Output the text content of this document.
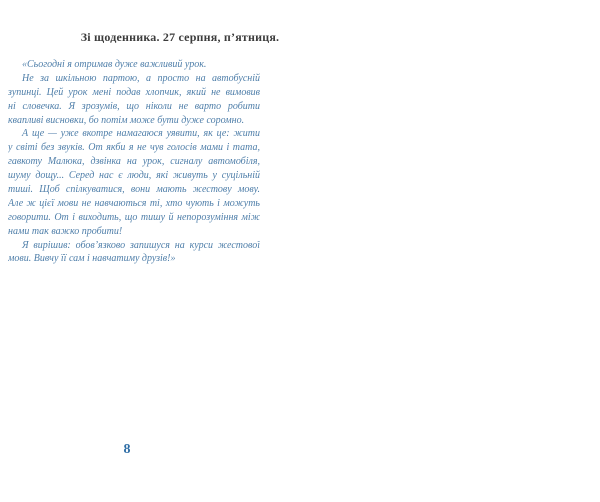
Зі щоденника. 27 серпня, п’ятниця.
«Сьогодні я отримав дуже важливий урок.
Не за шкільною партою, а просто на автобусній
зупинці. Цей урок мені подав хлопчик, який не вимовив
ні словечка. Я зрозумів, що ніколи не варто робити
квапливі висновки, бо потім може бути дуже соромно.
А ще — уже вкотре намагаюся уявити, як це: жити
у світі без звуків. От якби я не чув голосів мами і тата,
гавкоту Малюка, дзвінка на урок, сигналу автомобіля,
шуму дощу... Серед нас є люди, які живуть у суцільній
тиші. Щоб спілкуватися, вони мають жестову мову.
Але ж цієї мови не навчаються ті, хто чують і можуть
говорити. От і виходить, що тишу й непорозуміння між
нами так важко пробити!
Я вирішив: обов’язково запишуся на курси жестової
мови. Вивчу її сам і навчатиму друзів!»
8
